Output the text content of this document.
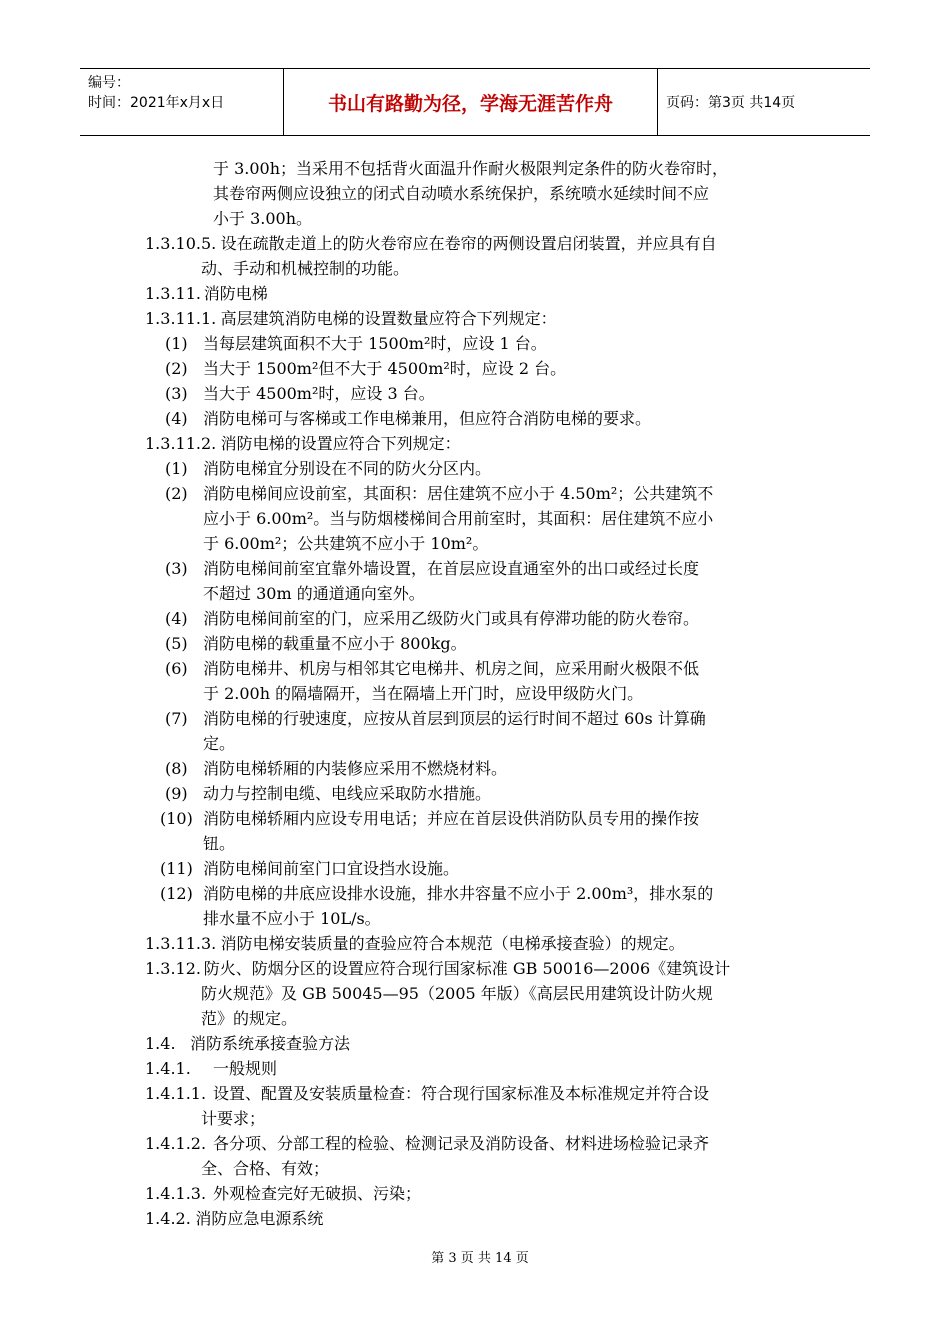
编号：
时间：2021年x月x日	书山有路勤为径，学海无涯苦作舟	页码：第3页 共14页
于 3.00h；当采用不包括背火面温升作耐火极限判定条件的防火卷帘时，
其卷帘两侧应设独立的闭式自动喷水系统保护，系统喷水延续时间不应
小于 3.00h。
1.3.10.5. 设在疏散走道上的防火卷帘应在卷帘的两侧设置启闭装置，并应具有自
动、手动和机械控制的功能。
1.3.11. 消防电梯
1.3.11.1. 高层建筑消防电梯的设置数量应符合下列规定：
(1) 当每层建筑面积不大于 1500m²时，应设 1 台。
(2) 当大于 1500m²但不大于 4500m²时，应设 2 台。
(3) 当大于 4500m²时，应设 3 台。
(4) 消防电梯可与客梯或工作电梯兼用，但应符合消防电梯的要求。
1.3.11.2. 消防电梯的设置应符合下列规定：
(1) 消防电梯宜分别设在不同的防火分区内。
(2) 消防电梯间应设前室，其面积：居住建筑不应小于 4.50m²；公共建筑不
应小于 6.00m²。当与防烟楼梯间合用前室时，其面积：居住建筑不应小
于 6.00m²；公共建筑不应小于 10m²。
(3) 消防电梯间前室宜靠外墙设置，在首层应设直通室外的出口或经过长度
不超过 30m 的通道通向室外。
(4) 消防电梯间前室的门，应采用乙级防火门或具有停滞功能的防火卷帘。
(5) 消防电梯的载重量不应小于 800kg。
(6) 消防电梯井、机房与相邻其它电梯井、机房之间，应采用耐火极限不低
于 2.00h 的隔墙隔开，当在隔墙上开门时，应设甲级防火门。
(7) 消防电梯的行驶速度，应按从首层到顶层的运行时间不超过 60s 计算确
定。
(8) 消防电梯轿厢的内装修应采用不燃烧材料。
(9) 动力与控制电缆、电线应采取防水措施。
(10) 消防电梯轿厢内应设专用电话；并应在首层设供消防队员专用的操作按
钮。
(11) 消防电梯间前室门口宜设挡水设施。
(12) 消防电梯的井底应设排水设施，排水井容量不应小于 2.00m³，排水泵的
排水量不应小于 10L/s。
1.3.11.3. 消防电梯安装质量的查验应符合本规范（电梯承接查验）的规定。
1.3.12. 防火、防烟分区的设置应符合现行国家标准 GB 50016—2006《建筑设计
防火规范》及 GB 50045—95（2005 年版）《高层民用建筑设计防火规
范》的规定。
1.4. 消防系统承接查验方法
1.4.1. 一般规则
1.4.1.1. 设置、配置及安装质量检查：符合现行国家标准及本标准规定并符合设
计要求；
1.4.1.2. 各分项、分部工程的检验、检测记录及消防设备、材料进场检验记录齐
全、合格、有效；
1.4.1.3. 外观检查完好无破损、污染；
1.4.2. 消防应急电源系统
第 3 页 共 14 页
